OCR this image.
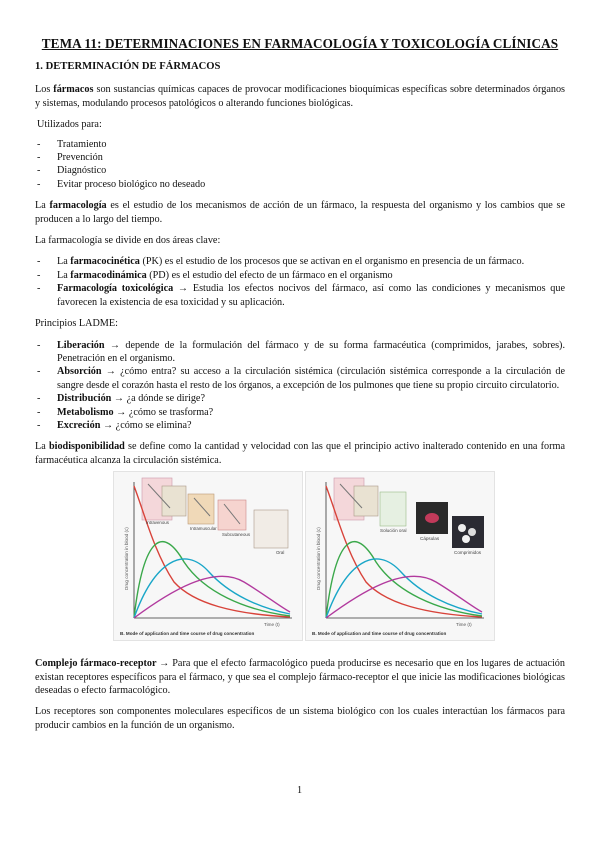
TEMA 11: DETERMINACIONES EN FARMACOLOGÍA Y TOXICOLOGÍA CLÍNICAS
1. DETERMINACIÓN DE FÁRMACOS

Los fármacos son sustancias químicas capaces de provocar modificaciones bioquímicas específicas sobre determinados órganos y sistemas, modulando procesos patológicos o alterando funciones biológicas.

Utilizados para:

- Tratamiento
- Prevención
- Diagnóstico
- Evitar proceso biológico no deseado

La farmacología es el estudio de los mecanismos de acción de un fármaco, la respuesta del organismo y los cambios que se producen a lo largo del tiempo.

La farmacología se divide en dos áreas clave:

- La farmacocinética (PK) es el estudio de los procesos que se activan en el organismo en presencia de un fármaco.
- La farmacodinámica (PD) es el estudio del efecto de un fármaco en el organismo
- Farmacología toxicológica → Estudia los efectos nocivos del fármaco, así como las condiciones y mecanismos que favorecen la existencia de esa toxicidad y su aplicación.

Principios LADME:

- Liberación → depende de la formulación del fármaco y de su forma farmacéutica (comprimidos, jarabes, sobres). Penetración en el organismo.
- Absorción → ¿cómo entra? su acceso a la circulación sistémica (circulación sistémica corresponde a la circulación de sangre desde el corazón hasta el resto de los órganos, a excepción de los pulmones que tiene su propio circuito circulatorio.
- Distribución → ¿a dónde se dirige?
- Metabolismo → ¿cómo se trasforma?
- Excreción → ¿cómo se elimina?

La biodisponibilidad se define como la cantidad y velocidad con las que el principio activo inalterado contenido en una forma farmacéutica alcanza la circulación sistémica.

Drug concentration in blood (c)
Time (t)
Intravenous
Intramuscular
Subcutaneous
Oral
B. Mode of application and time course of drug concentration
Drug concentration in blood (c)
Time (t)
Solución oral
Cápsulas
Comprimidos
B. Mode of application and time course of drug concentration

Complejo fármaco-receptor → Para que el efecto farmacológico pueda producirse es necesario que en los lugares de actuación existan receptores específicos para el fármaco, y que sea el complejo fármaco-receptor el que inicie las modificaciones biológicas deseadas o efecto farmacológico.

Los receptores son componentes moleculares específicos de un sistema biológico con los cuales interactúan los fármacos para producir cambios en la función de un organismo.

1
